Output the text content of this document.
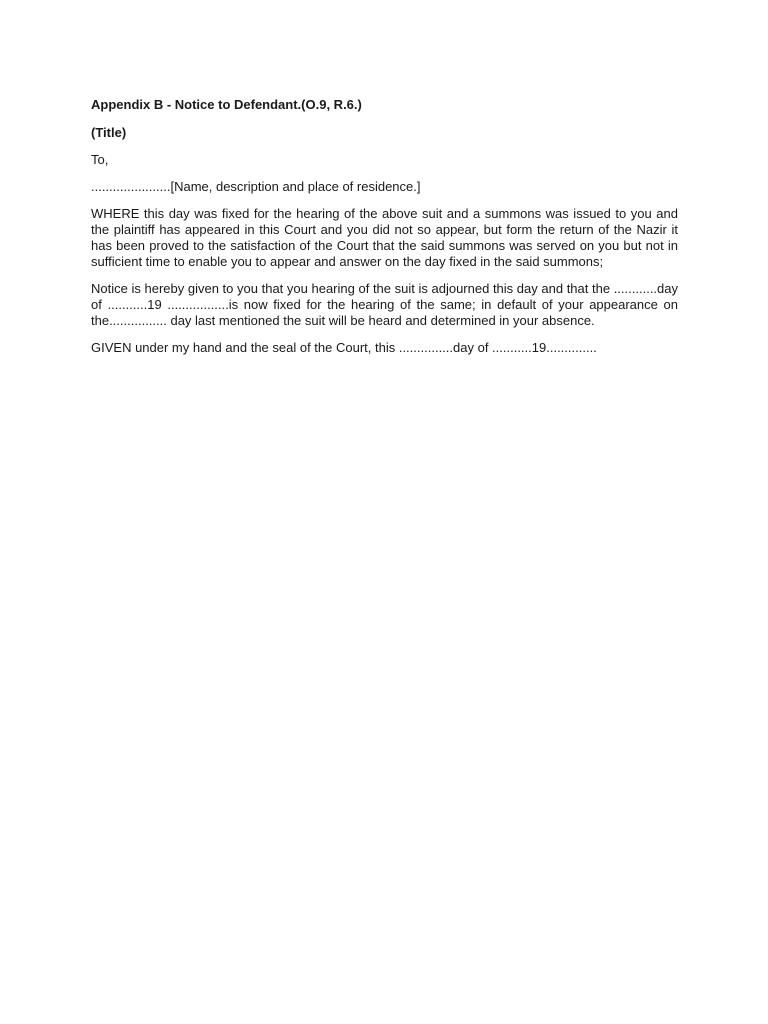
Appendix B - Notice to Defendant.(O.9, R.6.)
(Title)

To,

......................[Name, description and place of residence.]

WHERE this day was fixed for the hearing of the above suit and a summons was issued to you and the plaintiff has appeared in this Court and you did not so appear, but form the return of the Nazir it has been proved to the satisfaction of the Court that the said summons was served on you but not in sufficient time to enable you to appear and answer on the day fixed in the said summons;

Notice is hereby given to you that you hearing of the suit is adjourned this day and that the ............day of ...........19 .................is now fixed for the hearing of the same; in default of your appearance on the................ day last mentioned the suit will be heard and determined in your absence.

GIVEN under my hand and the seal of the Court, this ...............day of ...........19..............
